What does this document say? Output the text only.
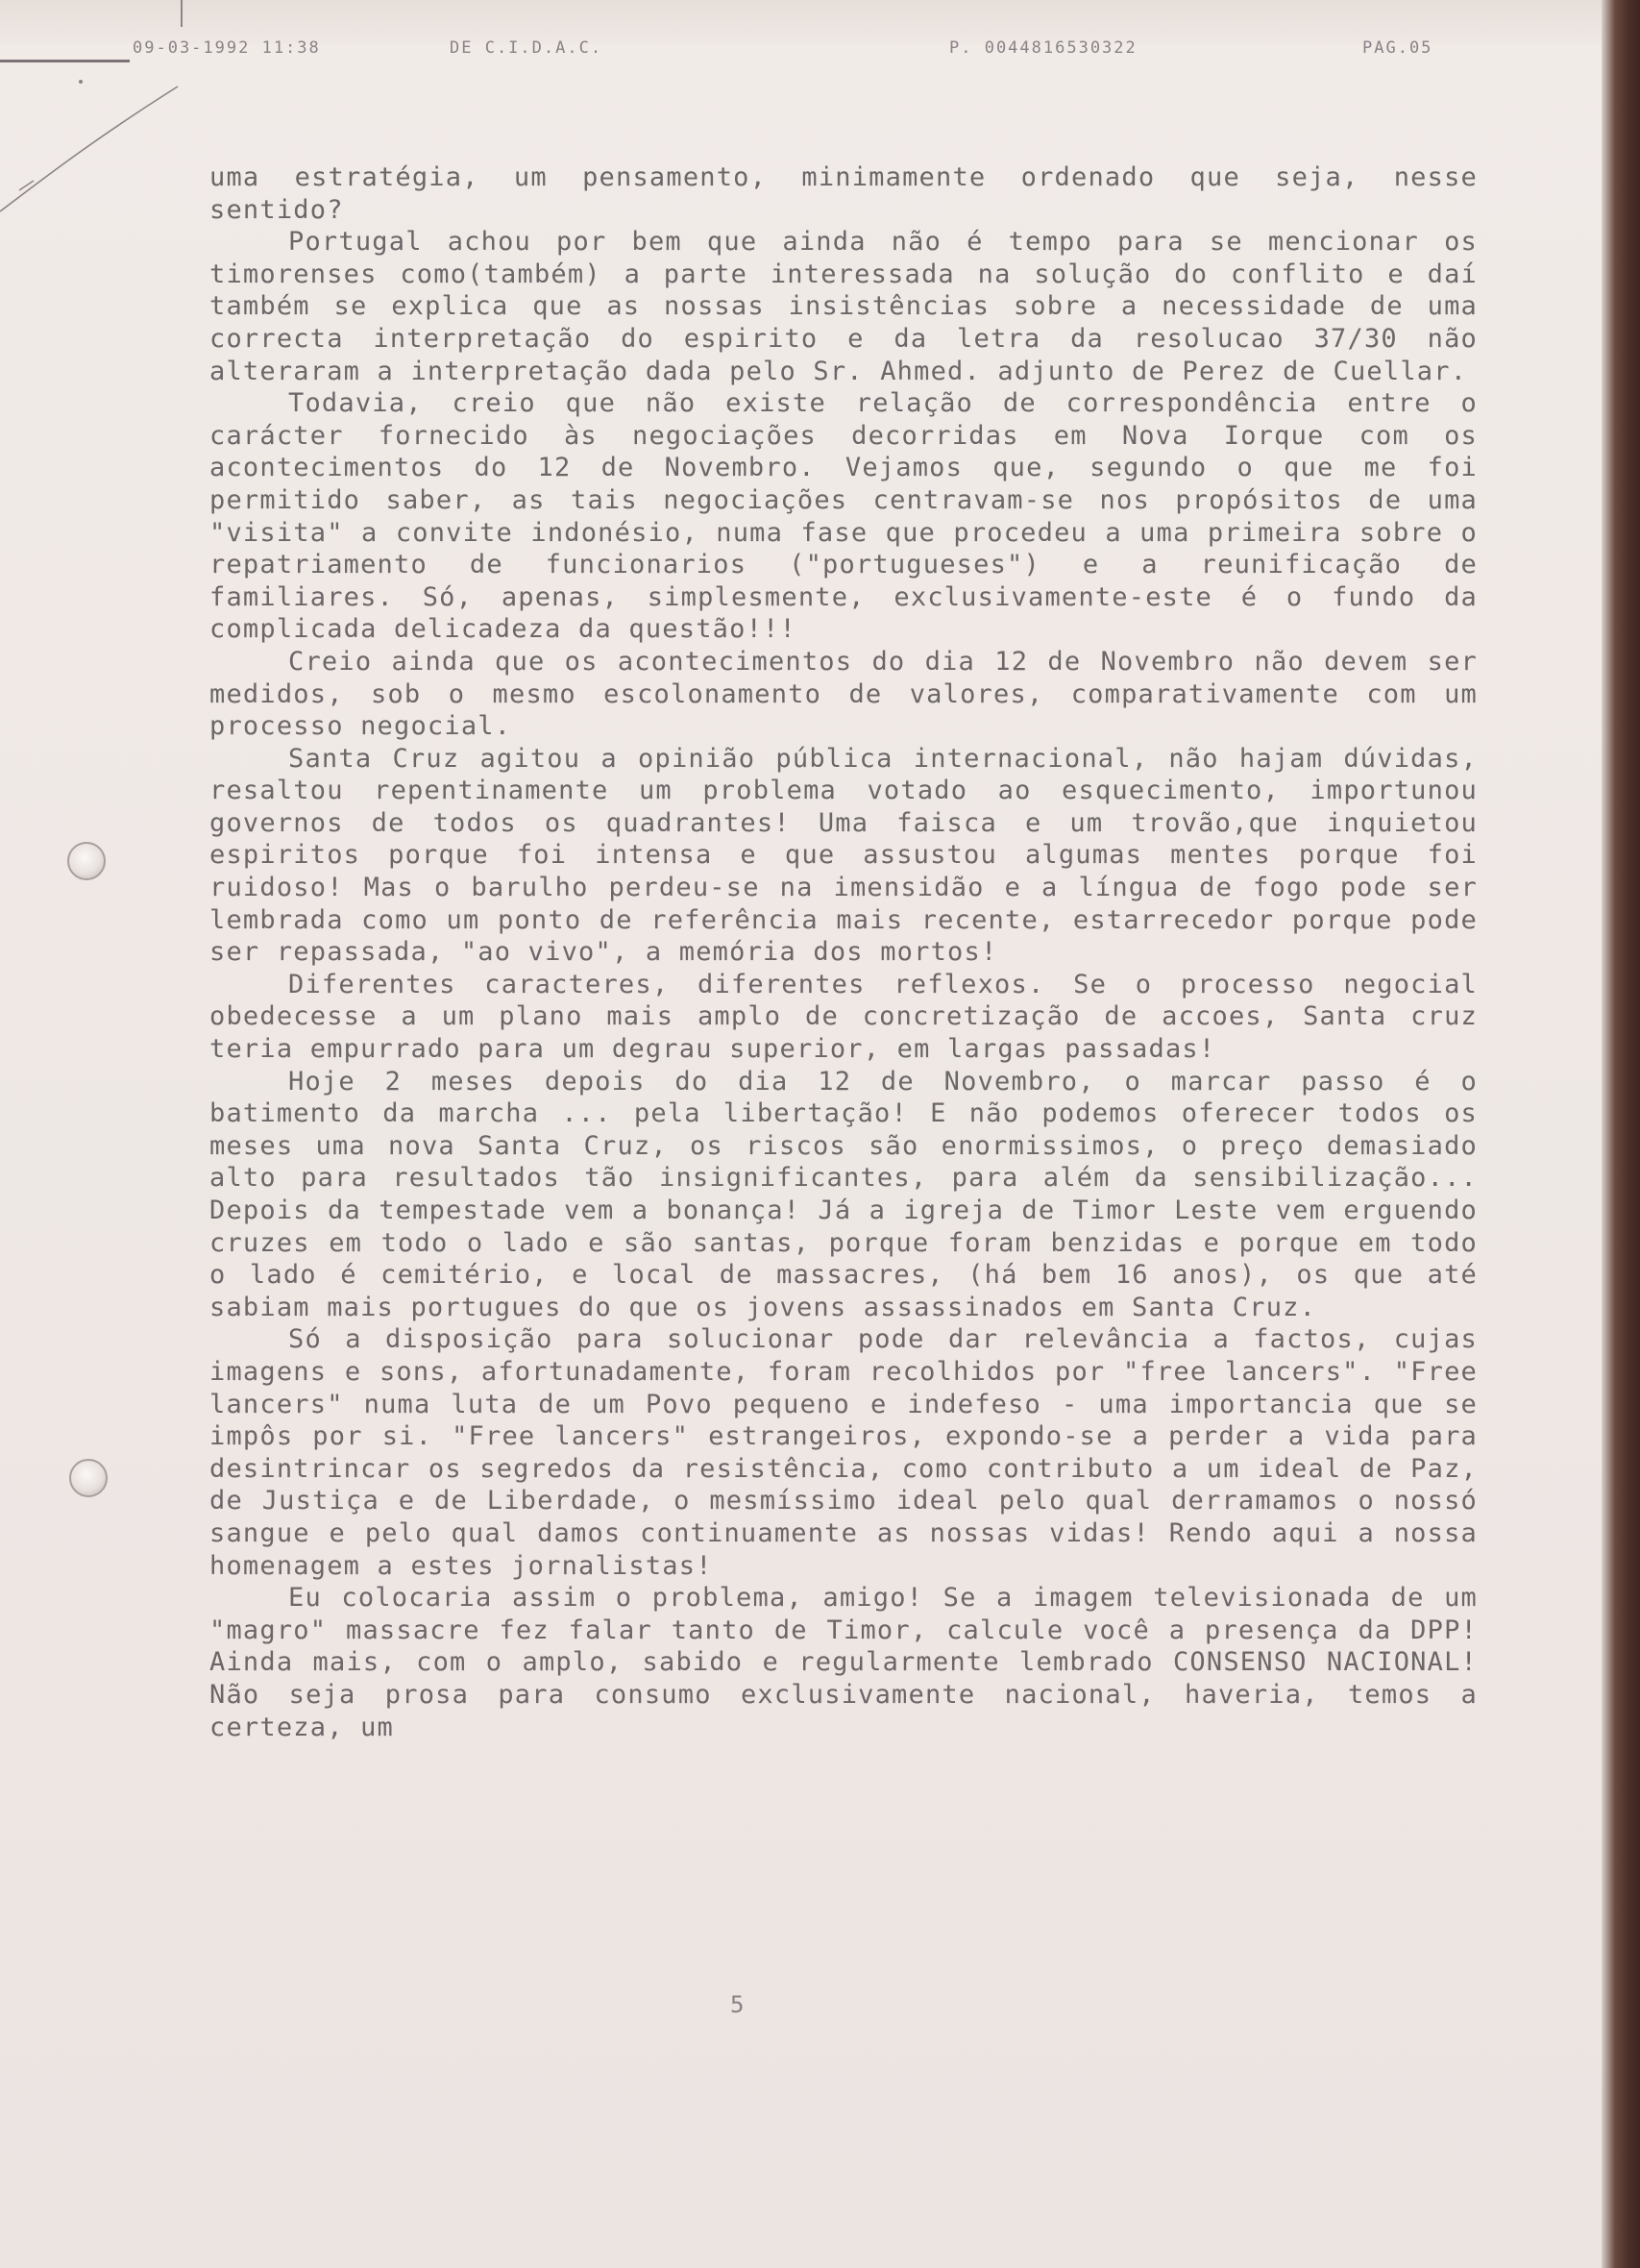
09-03-1992 11:38	DE C.I.D.A.C.	P. 0044816530322	PAG.05

uma estratégia, um pensamento, minimamente ordenado que seja, nesse sentido?

Portugal achou por bem que ainda não é tempo para se mencionar os timorenses como(também) a parte interessada na solução do conflito e daí também se explica que as nossas insistências sobre a necessidade de uma correcta interpretação do espirito e da letra da resolucao 37/30 não alteraram a interpretação dada pelo Sr. Ahmed. adjunto de Perez de Cuellar.

Todavia, creio que não existe relação de correspondência entre o carácter fornecido às negociações decorridas em Nova Iorque com os acontecimentos do 12 de Novembro. Vejamos que, segundo o que me foi permitido saber, as tais negociações centravam-se nos propósitos de uma "visita" a convite indonésio, numa fase que procedeu a uma primeira sobre o repatriamento de funcionarios ("portugueses") e a reunificação de familiares. Só, apenas, simplesmente, exclusivamente-este é o fundo da complicada delicadeza da questão!!!

Creio ainda que os acontecimentos do dia 12 de Novembro não devem ser medidos, sob o mesmo escolonamento de valores, comparativamente com um processo negocial.

Santa Cruz agitou a opinião pública internacional, não hajam dúvidas, resaltou repentinamente um problema votado ao esquecimento, importunou governos de todos os quadrantes! Uma faisca e um trovão,que inquietou espiritos porque foi intensa e que assustou algumas mentes porque foi ruidoso! Mas o barulho perdeu-se na imensidão e a língua de fogo pode ser lembrada como um ponto de referência mais recente, estarrecedor porque pode ser repassada, "ao vivo", a memória dos mortos!

Diferentes caracteres, diferentes reflexos. Se o processo negocial obedecesse a um plano mais amplo de concretização de accoes, Santa cruz teria empurrado para um degrau superior, em largas passadas!

Hoje 2 meses depois do dia 12 de Novembro, o marcar passo é o batimento da marcha ... pela libertação! E não podemos oferecer todos os meses uma nova Santa Cruz, os riscos são enormissimos, o preço demasiado alto para resultados tão insignificantes, para além da sensibilização... Depois da tempestade vem a bonança! Já a igreja de Timor Leste vem erguendo cruzes em todo o lado e são santas, porque foram benzidas e porque em todo o lado é cemitério, e local de massacres, (há bem 16 anos), os que até sabiam mais portugues do que os jovens assassinados em Santa Cruz.

Só a disposição para solucionar pode dar relevância a factos, cujas imagens e sons, afortunadamente, foram recolhidos por "free lancers". "Free lancers" numa luta de um Povo pequeno e indefeso - uma importancia que se impôs por si. "Free lancers" estrangeiros, expondo-se a perder a vida para desintrincar os segredos da resistência, como contributo a um ideal de Paz, de Justiça e de Liberdade, o mesmíssimo ideal pelo qual derramamos o nossó sangue e pelo qual damos continuamente as nossas vidas! Rendo aqui a nossa homenagem a estes jornalistas!

Eu colocaria assim o problema, amigo! Se a imagem televisionada de um "magro" massacre fez falar tanto de Timor, calcule você a presença da DPP! Ainda mais, com o amplo, sabido e regularmente lembrado CONSENSO NACIONAL! Não seja prosa para consumo exclusivamente nacional, haveria, temos a certeza, um

5
